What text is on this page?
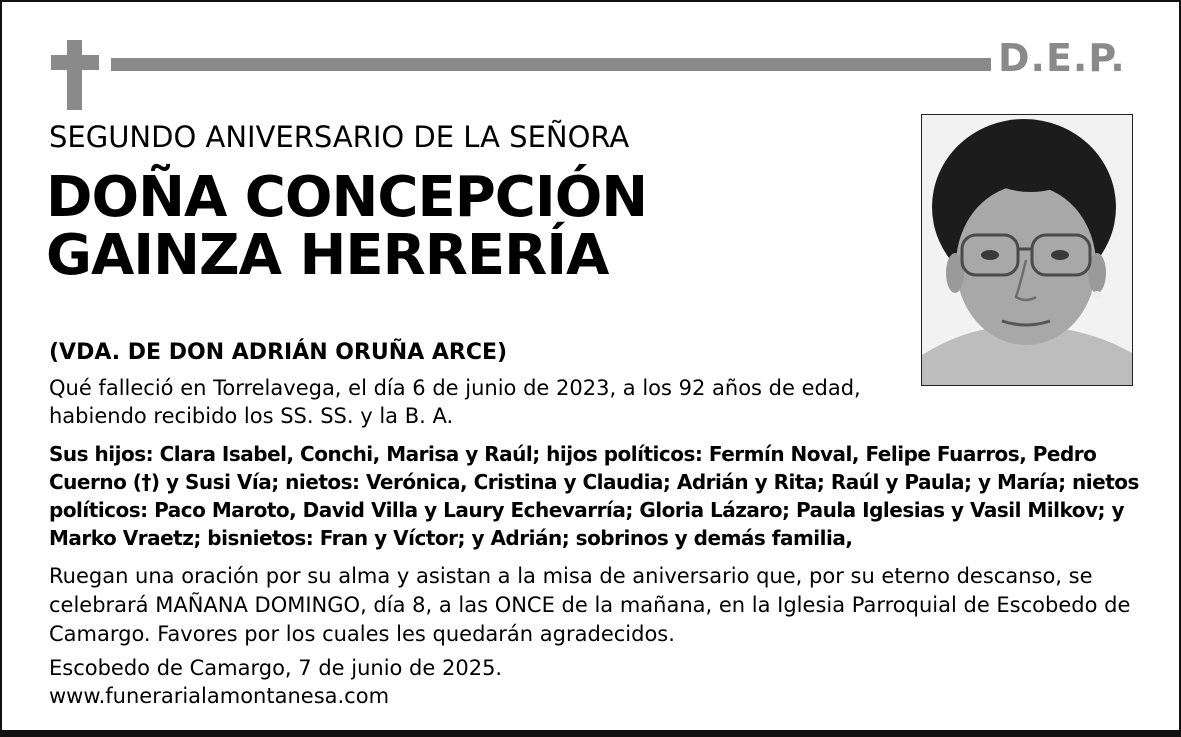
D.E.P.
SEGUNDO ANIVERSARIO DE LA SEÑORA
DOÑA CONCEPCIÓN
GAINZA HERRERÍA
(VDA. DE DON ADRIÁN ORUÑA ARCE)
Qué falleció en Torrelavega, el día 6 de junio de 2023, a los 92 años de edad,
habiendo recibido los SS. SS. y la B. A.
Sus hijos: Clara Isabel, Conchi, Marisa y Raúl; hijos políticos: Fermín Noval, Felipe Fuarros, Pedro Cuerno (†) y Susi Vía; nietos: Verónica, Cristina y Claudia; Adrián y Rita; Raúl y Paula; y María; nietos políticos: Paco Maroto, David Villa y Laury Echevarría; Gloria Lázaro; Paula Iglesias y Vasil Milkov; y Marko Vraetz; bisnietos: Fran y Víctor; y Adrián; sobrinos y demás familia,
Ruegan una oración por su alma y asistan a la misa de aniversario que, por su eterno descanso, se celebrará MAÑANA DOMINGO, día 8, a las ONCE de la mañana, en la Iglesia Parroquial de Escobedo de Camargo. Favores por los cuales les quedarán agradecidos.
Escobedo de Camargo, 7 de junio de 2025.
www.funerarialamontanesa.com
